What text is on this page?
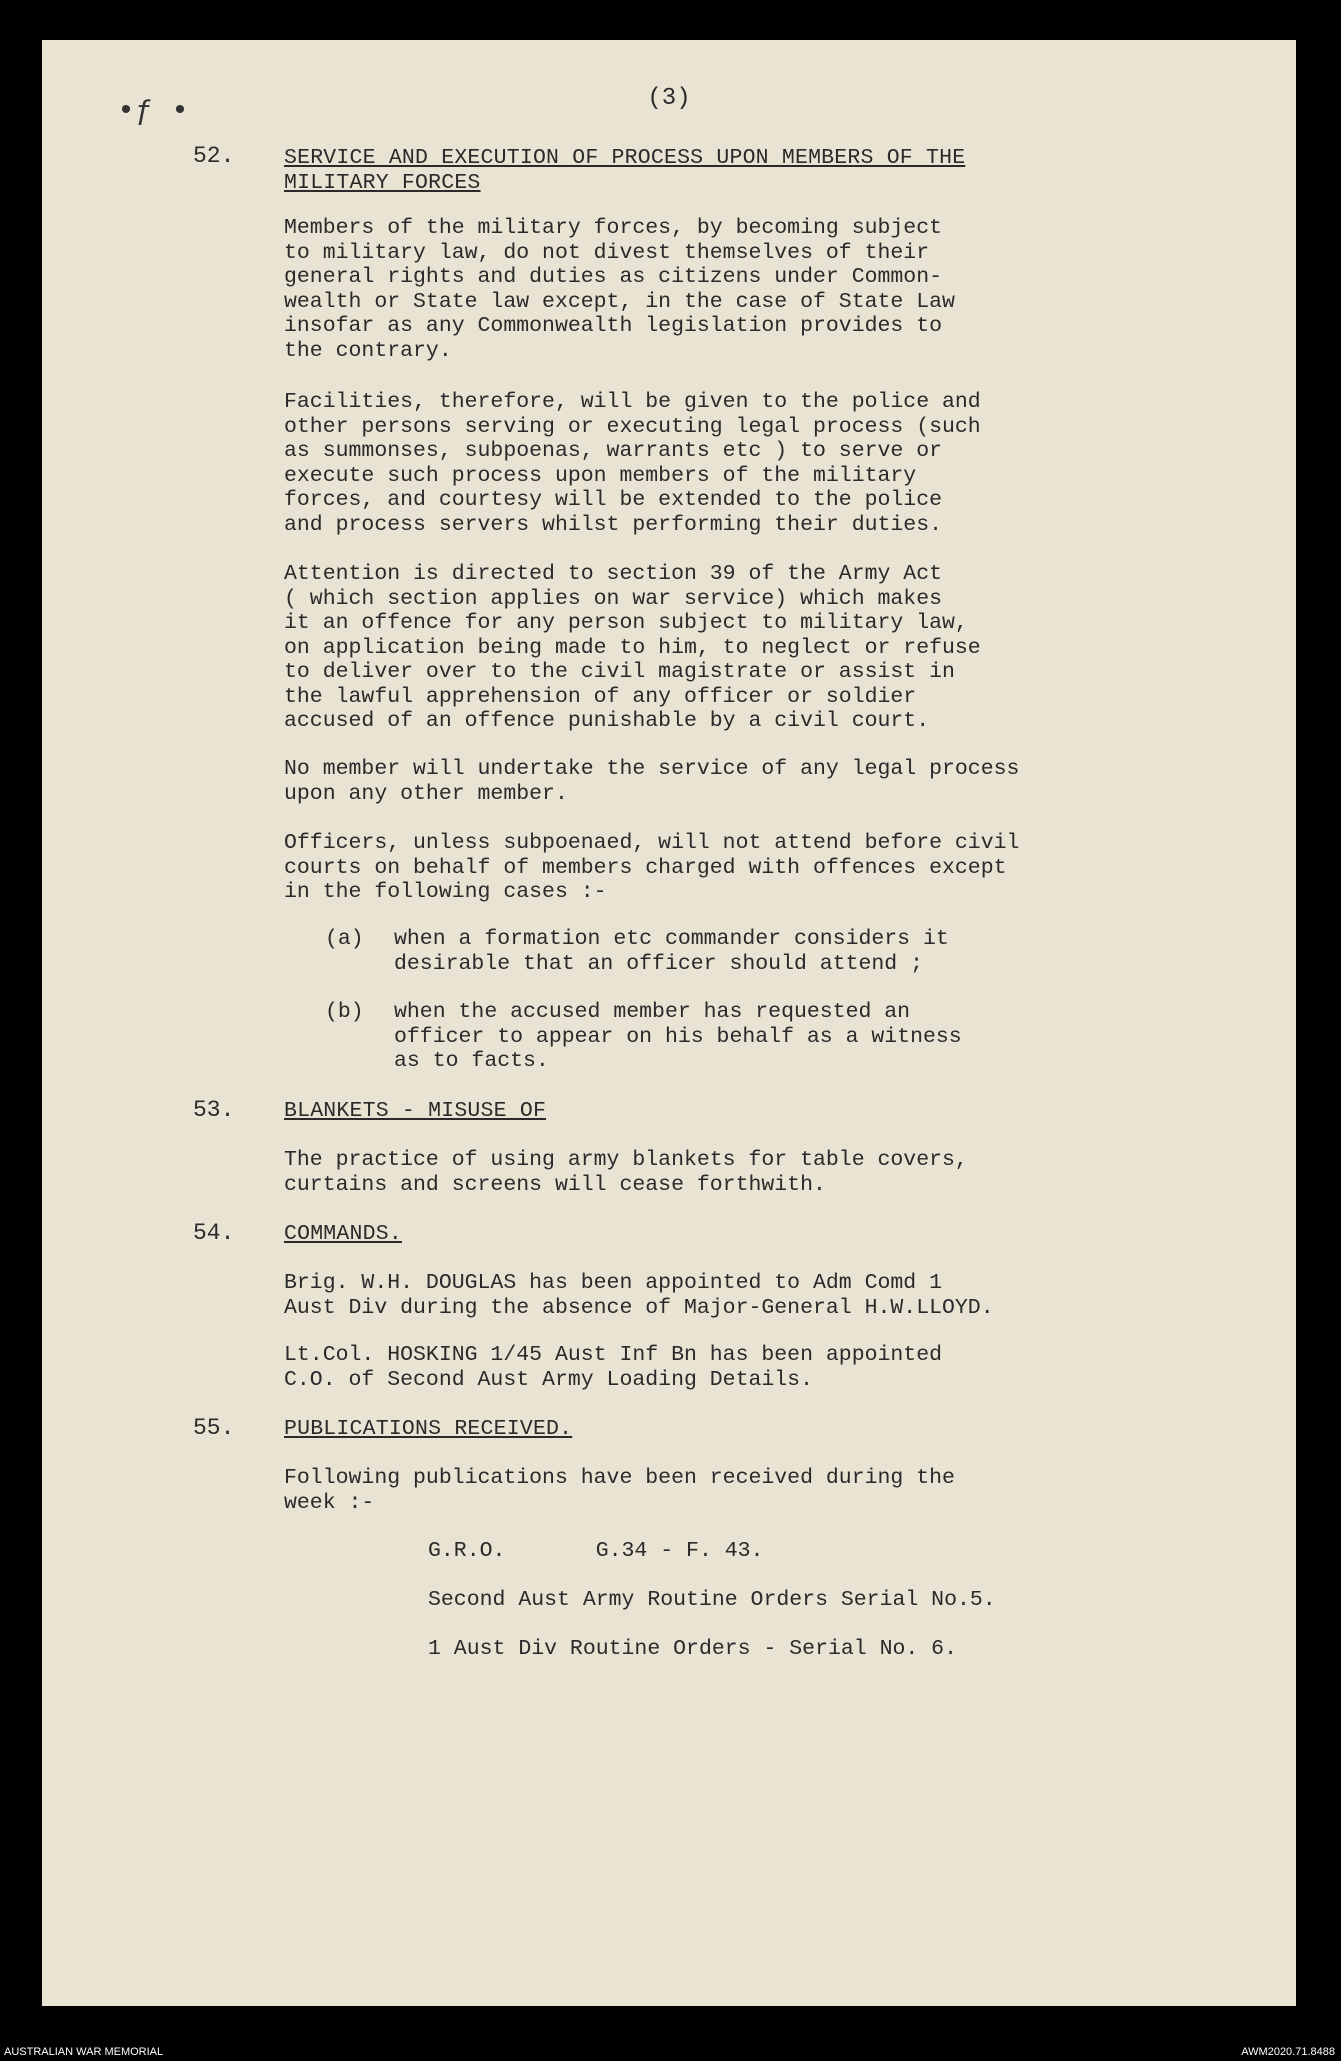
•ƒ •	(3)
52. SERVICE AND EXECUTION OF PROCESS UPON MEMBERS OF THE
MILITARY FORCES

Members of the military forces, by becoming subject
to military law, do not divest themselves of their
general rights and duties as citizens under Common-
wealth or State law except, in the case of State Law
insofar as any Commonwealth legislation provides to
the contrary.

Facilities, therefore, will be given to the police and
other persons serving or executing legal process (such
as summonses, subpoenas, warrants etc ) to serve or
execute such process upon members of the military
forces, and courtesy will be extended to the police
and process servers whilst performing their duties.

Attention is directed to section 39 of the Army Act
( which section applies on war service) which makes
it an offence for any person subject to military law,
on application being made to him, to neglect or refuse
to deliver over to the civil magistrate or assist in
the lawful apprehension of any officer or soldier
accused of an offence punishable by a civil court.

No member will undertake the service of any legal process
upon any other member.

Officers, unless subpoenaed, will not attend before civil
courts on behalf of members charged with offences except
in the following cases :-

(a) when a formation etc commander considers it
desirable that an officer should attend ;

(b) when the accused member has requested an
officer to appear on his behalf as a witness
as to facts.

53. BLANKETS - MISUSE OF

The practice of using army blankets for table covers,
curtains and screens will cease forthwith.

54. COMMANDS.

Brig. W.H. DOUGLAS has been appointed to Adm Comd 1
Aust Div during the absence of Major-General H.W.LLOYD.

Lt.Col. HOSKING 1/45 Aust Inf Bn has been appointed
C.O. of Second Aust Army Loading Details.

55. PUBLICATIONS RECEIVED.

Following publications have been received during the
week :-

G.R.O.       G.34 - F. 43.
Second Aust Army Routine Orders Serial No.5.
1 Aust Div Routine Orders - Serial No. 6.
AUSTRALIAN WAR MEMORIAL	AWM2020.71.8488
